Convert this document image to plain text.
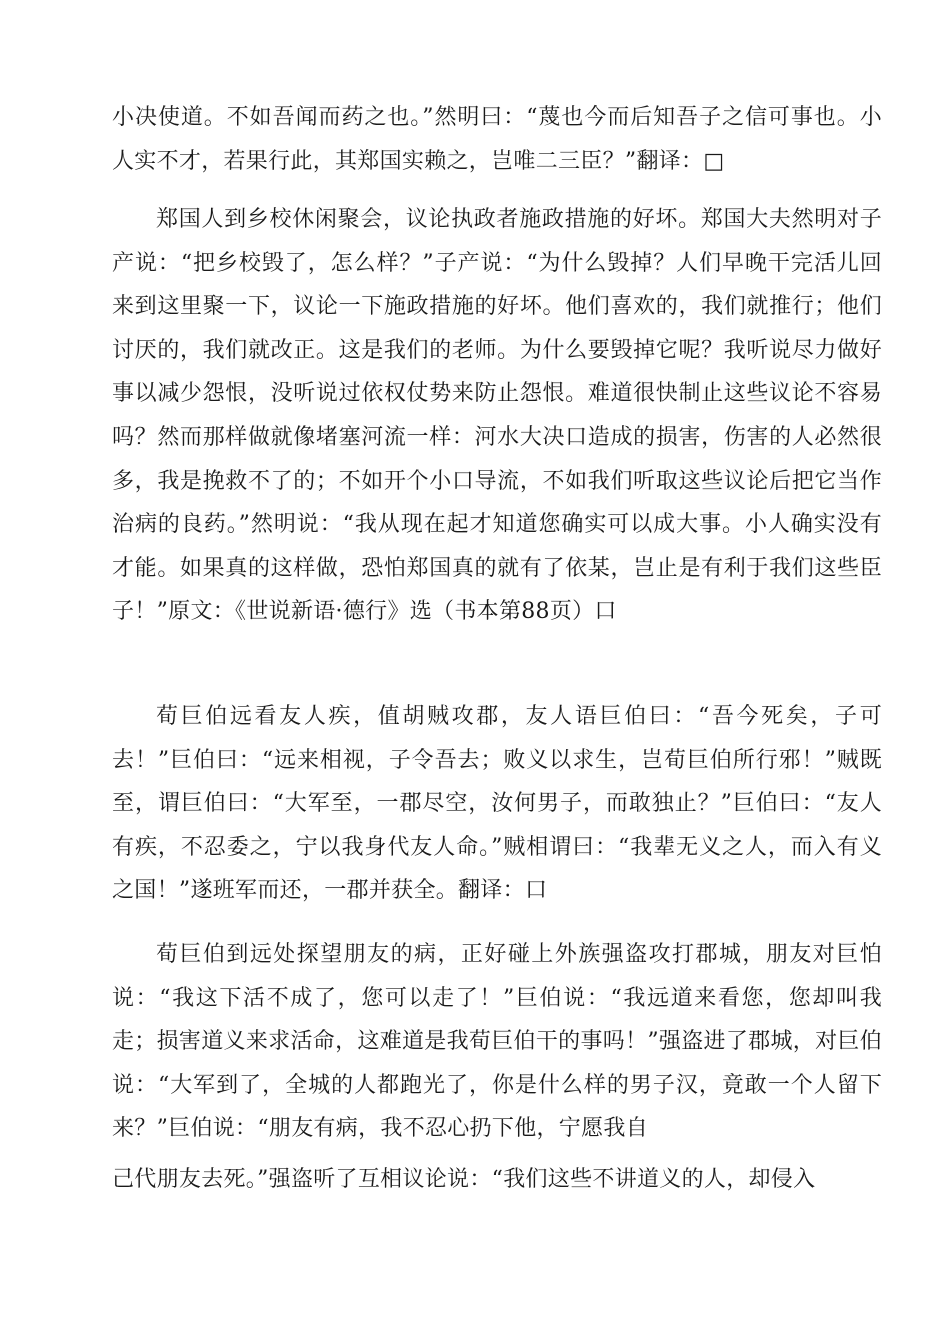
小决使道。不如吾闻而药之也。”然明曰：“蔑也今而后知吾子之信可事也。小人实不才，若果行此，其郑国实赖之，岂唯二三臣？”翻译：□

郑国人到乡校休闲聚会，议论执政者施政措施的好坏。郑国大夫然明对子产说：“把乡校毁了，怎么样？”子产说：“为什么毁掉？人们早晚干完活儿回来到这里聚一下，议论一下施政措施的好坏。他们喜欢的，我们就推行；他们讨厌的，我们就改正。这是我们的老师。为什么要毁掉它呢？我听说尽力做好事以减少怨恨，没听说过依权仗势来防止怨恨。难道很快制止这些议论不容易吗？然而那样做就像堵塞河流一样：河水大决口造成的损害，伤害的人必然很多，我是挽救不了的；不如开个小口导流，不如我们听取这些议论后把它当作治病的良药。”然明说：“我从现在起才知道您确实可以成大事。小人确实没有才能。如果真的这样做，恐怕郑国真的就有了依某，岂止是有利于我们这些臣子！”原文：《世说新语·德行》选（书本第88页）口

荀巨伯远看友人疾，值胡贼攻郡，友人语巨伯曰：“吾今死矣，子可去！”巨伯曰：“远来相视，子令吾去；败义以求生，岂荀巨伯所行邪！”贼既至，谓巨伯曰：“大军至，一郡尽空，汝何男子，而敢独止？”巨伯曰：“友人有疾，不忍委之，宁以我身代友人命。”贼相谓曰：“我辈无义之人，而入有义之国！”遂班军而还，一郡并获全。翻译：口

荀巨伯到远处探望朋友的病，正好碰上外族强盗攻打郡城，朋友对巨怕说：“我这下活不成了，您可以走了！”巨伯说：“我远道来看您，您却叫我走；损害道义来求活命，这难道是我荀巨伯干的事吗！”强盗进了郡城，对巨伯说：“大军到了，全城的人都跑光了，你是什么样的男子汉，竟敢一个人留下来？”巨伯说：“朋友有病，我不忍心扔下他，宁愿我自

己代朋友去死。”强盗听了互相议论说：“我们这些不讲道义的人，却侵入
